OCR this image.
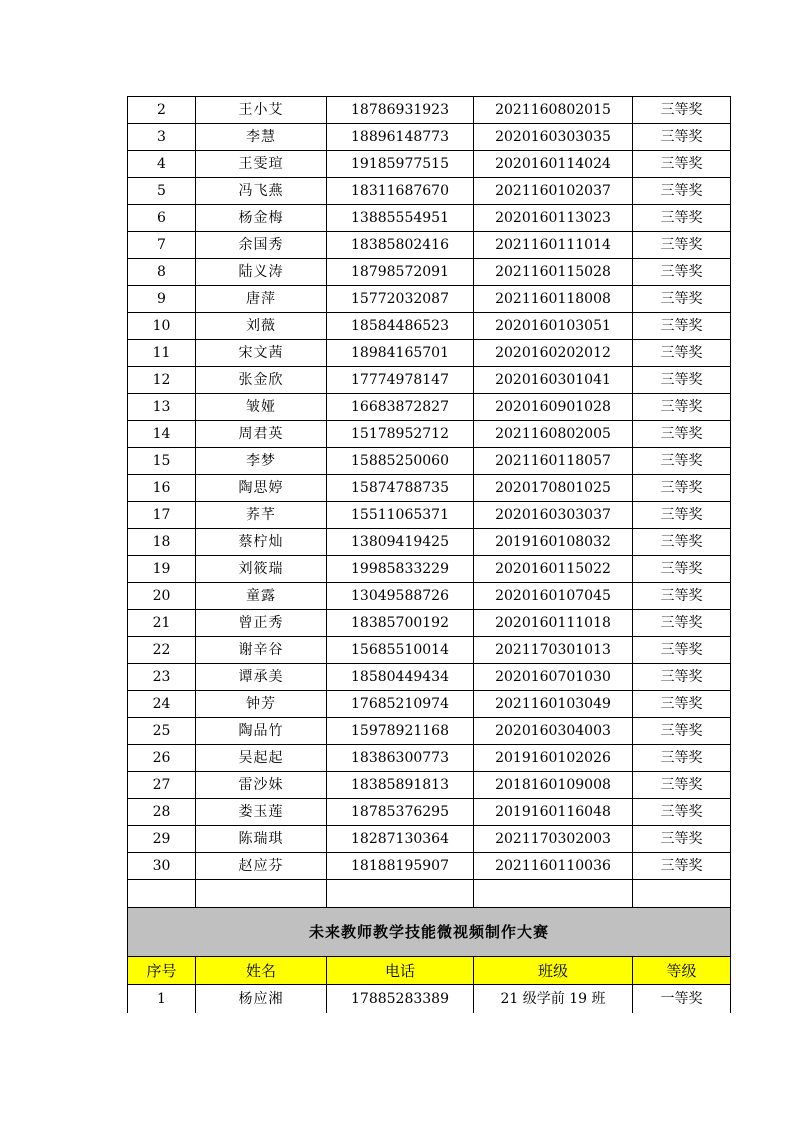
2	王小艾	18786931923	2021160802015	三等奖
3	李慧	18896148773	2020160303035	三等奖
4	王雯瑄	19185977515	2020160114024	三等奖
5	冯飞燕	18311687670	2021160102037	三等奖
6	杨金梅	13885554951	2020160113023	三等奖
7	余国秀	18385802416	2021160111014	三等奖
8	陆义涛	18798572091	2021160115028	三等奖
9	唐萍	15772032087	2021160118008	三等奖
10	刘薇	18584486523	2020160103051	三等奖
11	宋文茜	18984165701	2020160202012	三等奖
12	张金欣	17774978147	2020160301041	三等奖
13	皱娅	16683872827	2020160901028	三等奖
14	周君英	15178952712	2021160802005	三等奖
15	李梦	15885250060	2021160118057	三等奖
16	陶思婷	15874788735	2020170801025	三等奖
17	荞芊	15511065371	2020160303037	三等奖
18	蔡柠灿	13809419425	2019160108032	三等奖
19	刘筱瑞	19985833229	2020160115022	三等奖
20	童露	13049588726	2020160107045	三等奖
21	曾正秀	18385700192	2020160111018	三等奖
22	谢辛谷	15685510014	2021170301013	三等奖
23	谭承美	18580449434	2020160701030	三等奖
24	钟芳	17685210974	2021160103049	三等奖
25	陶品竹	15978921168	2020160304003	三等奖
26	吴起起	18386300773	2019160102026	三等奖
27	雷沙妹	18385891813	2018160109008	三等奖
28	娄玉莲	18785376295	2019160116048	三等奖
29	陈瑞琪	18287130364	2021170302003	三等奖
30	赵应芬	18188195907	2021160110036	三等奖

未来教师教学技能微视频制作大赛				
序号	姓名	电话	班级	等级
1	杨应湘	17885283389	21 级学前 19 班	一等奖
